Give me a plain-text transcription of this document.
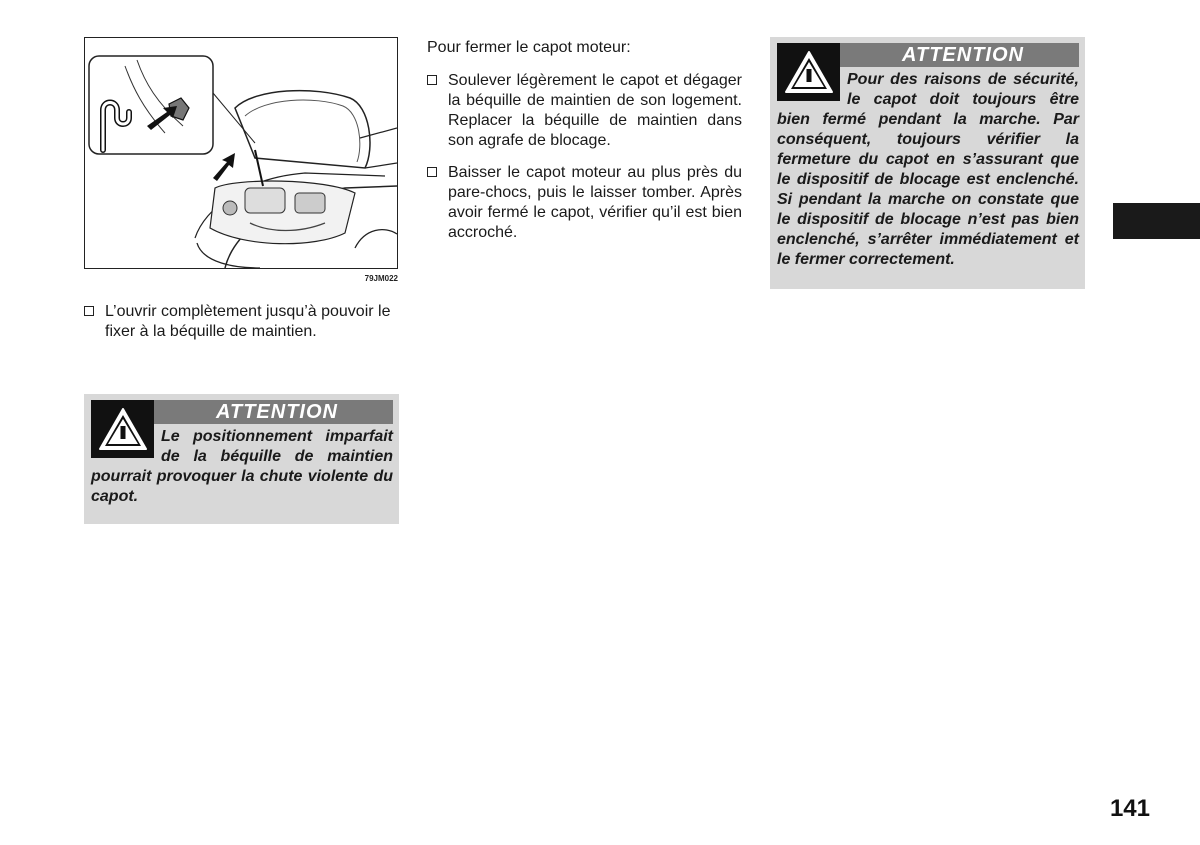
79JM022
L’ouvrir complètement jusqu’à pouvoir le fixer à la béquille de maintien.
ATTENTION
Le positionnement imparfait de la béquille de maintien pourrait provoquer la chute violente du capot.
Pour fermer le capot moteur:
Soulever légèrement le capot et dégager la béquille de maintien de son logement. Replacer la béquille de maintien dans son agrafe de blocage.
Baisser le capot moteur au plus près du pare-chocs, puis le laisser tomber. Après avoir fermé le capot, vérifier qu’il est bien accroché.
ATTENTION
Pour des raisons de sécurité, le capot doit toujours être bien fermé pendant la marche. Par conséquent, toujours vérifier la fermeture du capot en s’assurant que le dispositif de blocage est enclenché. Si pendant la marche on constate que le dispositif de blocage n’est pas bien enclenché, s’arrêter immédiatement et le fermer correctement.
141
